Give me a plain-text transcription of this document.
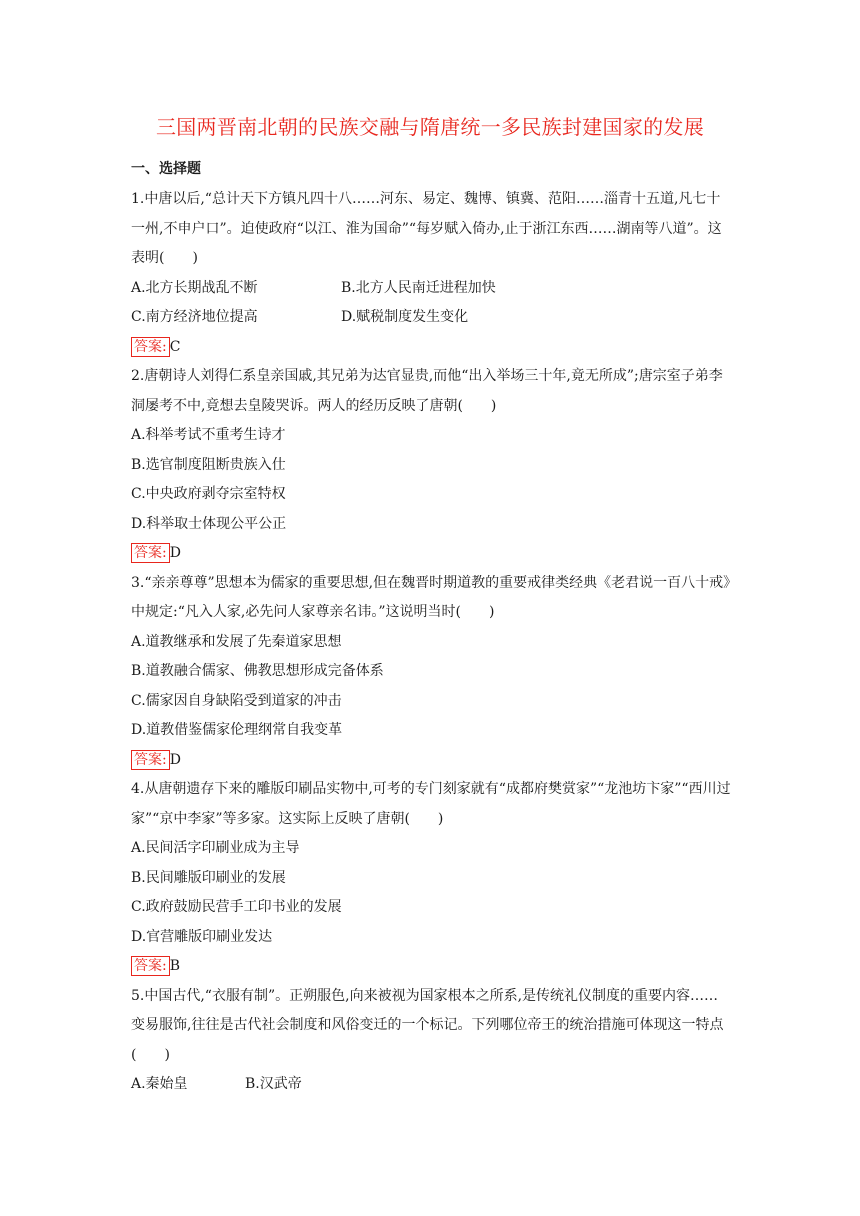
三国两晋南北朝的民族交融与隋唐统一多民族封建国家的发展
一、选择题

1.中唐以后,“总计天下方镇凡四十八……河东、易定、魏博、镇冀、范阳……淄青十五道,凡七十一州,不申户口”。迫使政府“以江、淮为国命”“每岁赋入倚办,止于浙江东西……湖南等八道”。这表明(　　)

A.北方长期战乱不断	B.北方人民南迁进程加快
C.南方经济地位提高	D.赋税制度发生变化
答案: C

2.唐朝诗人刘得仁系皇亲国戚,其兄弟为达官显贵,而他“出入举场三十年,竟无所成”;唐宗室子弟李洞屡考不中,竟想去皇陵哭诉。两人的经历反映了唐朝(　　)

A.科举考试不重考生诗才
B.选官制度阻断贵族入仕
C.中央政府剥夺宗室特权
D.科举取士体现公平公正
答案: D

3.“亲亲尊尊”思想本为儒家的重要思想,但在魏晋时期道教的重要戒律类经典《老君说一百八十戒》中规定:“凡入人家,必先问人家尊亲名讳。”这说明当时(　　)

A.道教继承和发展了先秦道家思想
B.道教融合儒家、佛教思想形成完备体系
C.儒家因自身缺陷受到道家的冲击
D.道教借鉴儒家伦理纲常自我变革
答案: D

4.从唐朝遗存下来的雕版印刷品实物中,可考的专门刻家就有“成都府樊赏家”“龙池坊卞家”“西川过家”“京中李家”等多家。这实际上反映了唐朝(　　)

A.民间活字印刷业成为主导
B.民间雕版印刷业的发展
C.政府鼓励民营手工印书业的发展
D.官营雕版印刷业发达
答案: B

5.中国古代,“衣服有制”。正朔服色,向来被视为国家根本之所系,是传统礼仪制度的重要内容……变易服饰,往往是古代社会制度和风俗变迁的一个标记。下列哪位帝王的统治措施可体现这一特点(　　)

A.秦始皇	B.汉武帝
